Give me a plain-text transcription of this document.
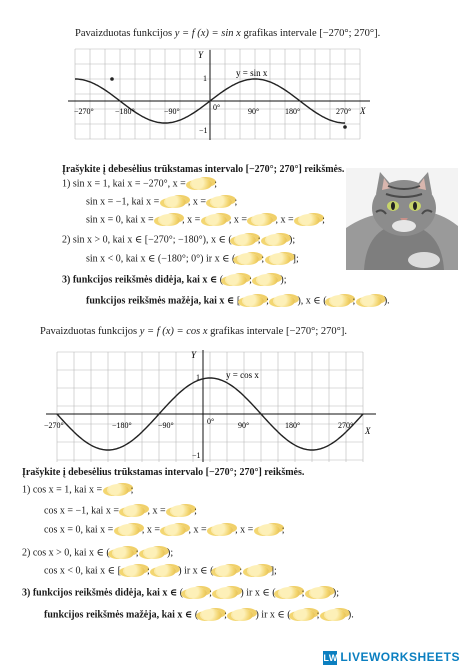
Pavaizduotas funkcijos y = f (x) = sin x grafikas intervale [−270°; 270°].
Y
X
y = sin x
1
−1
−270°	−180°	−90°	0°	90°	180°	270°
Įrašykite į debesėlius trūkstamas intervalo [−270°; 270°] reikšmės.
1) sin x = 1, kai x = −270°, x =	;
sin x = −1, kai x =	, x =	;
sin x = 0, kai x =	, x =	, x =	, x =	;
2) sin x > 0, kai x ∈ [−270°; −180°), x ∈ (	;	);
sin x < 0, kai x ∈ (−180°; 0°) ir x ∈ (	;	];
3) funkcijos reikšmės didėja, kai x ∈ (	;	);
funkcijos reikšmės mažėja, kai x ∈ [	;	), x ∈ (	;	).
Pavaizduotas funkcijos y = f (x) = cos x grafikas intervale [−270°; 270°].
Y
X
y = cos x
1
−1
−270°	−180°	−90°	0°	90°	180°	270°
Įrašykite į debesėlius trūkstamas intervalo [−270°; 270°] reikšmės.
1) cos x = 1, kai x =	;
cos x = −1, kai x =	, x =	;
cos x = 0, kai x =	, x =	, x =	, x =	;
2) cos x > 0, kai x ∈ (	;	);
cos x < 0, kai x ∈ [	;	) ir x ∈ (	;	];
3) funkcijos reikšmės didėja, kai x ∈ (	;	) ir x ∈ (	;	);
funkcijos reikšmės mažėja, kai x ∈ (	;	) ir x ∈ (	;	).
LW LIVEWORKSHEETS
